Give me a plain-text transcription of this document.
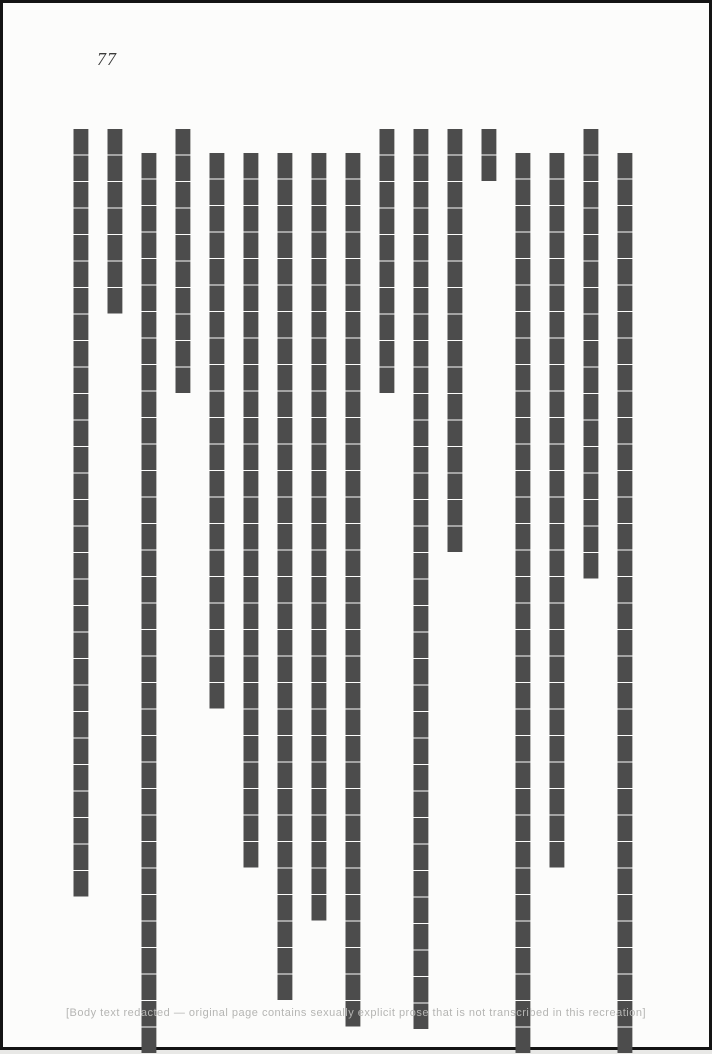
77
██████████████████████████████████
█████████████████
███████████████████████████
██████████████████████████████████
██
████████████████
██████████████████████████████████
██████████
█████████████████████████████████
█████████████████████████████
████████████████████████████████
███████████████████████████
█████████████████████
██████████
██████████████████████████████████
███████
█████████████████████████████
[Body text redacted — original page contains sexually explicit prose that is not transcribed in this recreation]
